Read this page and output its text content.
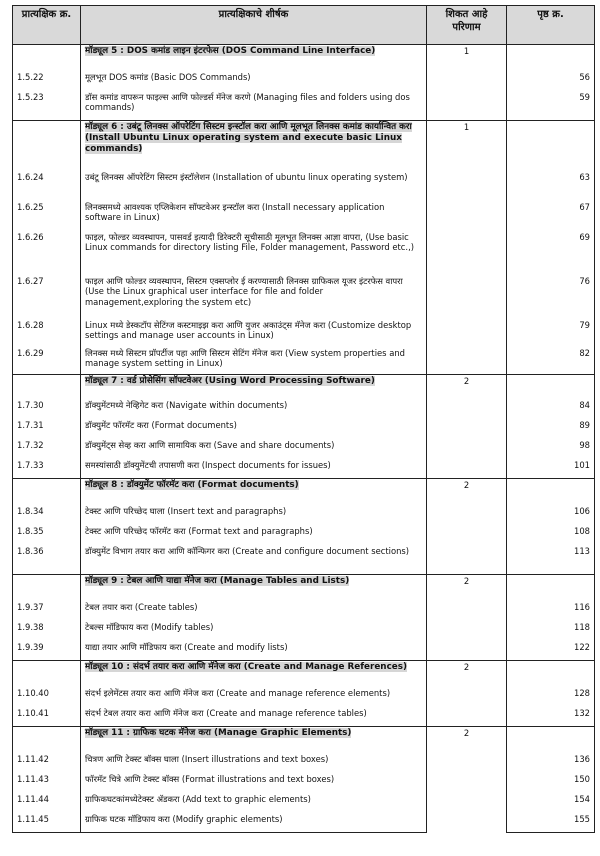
प्रात्यक्षिक क्र.	प्रात्यक्षिकाचे शीर्षक	शिकत आहे परिणाम	पृष्ठ क्र.
	मॉड्यूल 5 : DOS कमांड लाइन इंटरफेस (DOS Command Line Interface)	1	
1.5.22	मूलभूत DOS कमांड (Basic DOS Commands)		56
1.5.23	डॉस कमांड वापरून फाइल्स आणि फोल्डर्स मॅनेज करणे (Managing files and folders using dos commands)		59
	मॉड्यूल 6 : उबंटू लिनक्स ऑपरेटिंग सिस्टम इन्स्टॉल करा आणि मूलभूत लिनक्स कमांड कार्यान्वित करा (Install Ubuntu Linux operating system and execute basic Linux commands)	1	
1.6.24	उबंटू लिनक्स ऑपरेटिंग सिस्टम इंस्टॉलेशन (Installation of ubuntu linux operating system)		63
1.6.25	लिनक्समध्ये आवश्यक एप्लिकेशन सॉफ्टवेअर इन्स्टॉल करा (Install necessary application software in Linux)		67
1.6.26	फाइल, फोल्डर व्यवस्थापन, पासवर्ड इत्यादी डिरेक्टरी सूचीसाठी मूलभूत लिनक्स आज्ञा वापरा, (Use basic Linux commands for directory listing File, Folder management, Password etc.,)		69
1.6.27	फाइल आणि फोल्डर व्यवस्थापन, सिस्टम एक्सप्लोर ई करण्यासाठी लिनक्स ग्राफिकल यूजर इंटरफेस वापरा (Use the Linux graphical user interface for file and folder management,exploring the system etc)		76
1.6.28	Linux मध्ये डेस्कटॉप सेटिंग्ज कस्टमाइझ करा आणि युजर अकाउंट्स मॅनेज करा (Customize desktop settings and manage user accounts in Linux)		79
1.6.29	लिनक्स मध्ये सिस्टम प्रॉपर्टीज पहा आणि सिस्टम सेटिंग मॅनेज करा (View system properties and manage system setting in Linux)		82
	मॉड्यूल 7 : वर्ड प्रोसेसिंग सॉफ्टवेअर (Using Word Processing Software)	2	
1.7.30	डॉक्युमेंटमध्ये नेव्हिगेट करा (Navigate within documents)		84
1.7.31	डॉक्युमेंट फॉरमॅट करा (Format documents)		89
1.7.32	डॉक्युमेंट्स सेव्ह करा आणि सामायिक करा (Save and share documents)		98
1.7.33	समस्यांसाठी डॉक्युमेंटची तपासणी करा (Inspect documents for issues)		101
	मॉड्यूल 8 : डॉक्युमेंट फॉरमॅट करा (Format documents)	2	
1.8.34	टेक्स्ट आणि परिच्छेद घाला (Insert text and paragraphs)		106
1.8.35	टेक्स्ट आणि परिच्छेद फॉरमॅट करा (Format text and paragraphs)		108
1.8.36	डॉक्युमेंट विभाग तयार करा आणि कॉन्फिगर करा (Create and configure document sections)		113
	मॉड्यूल 9 : टेबल आणि याद्या मॅनेज करा (Manage Tables and Lists)	2	
1.9.37	टेबल तयार करा (Create tables)		116
1.9.38	टेबल्स मॉडिफाय करा (Modify tables)		118
1.9.39	याद्या तयार आणि मॉडिफाय करा (Create and modify lists)		122
	मॉड्यूल 10 : संदर्भ तयार करा आणि मॅनेज करा (Create and Manage References)	2	
1.10.40	संदर्भ इलेमेंटस तयार करा आणि मॅनेज करा (Create and manage reference elements)		128
1.10.41	संदर्भ टेबल तयार करा आणि मॅनेज करा (Create and manage reference tables)		132
	मॉड्यूल 11 : ग्राफिक घटक मॅनेज करा (Manage Graphic Elements)	2	
1.11.42	चित्रण आणि टेक्स्ट बॉक्स घाला (Insert illustrations and text boxes)		136
1.11.43	फॉरमॅट चित्रे आणि टेक्स्ट बॉक्स (Format illustrations and text boxes)		150
1.11.44	ग्राफिकघटकांमध्येटेक्स्ट ॲडकरा (Add text to graphic elements)		154
1.11.45	ग्राफिक घटक मॉडिफाय करा (Modify graphic elements)		155
